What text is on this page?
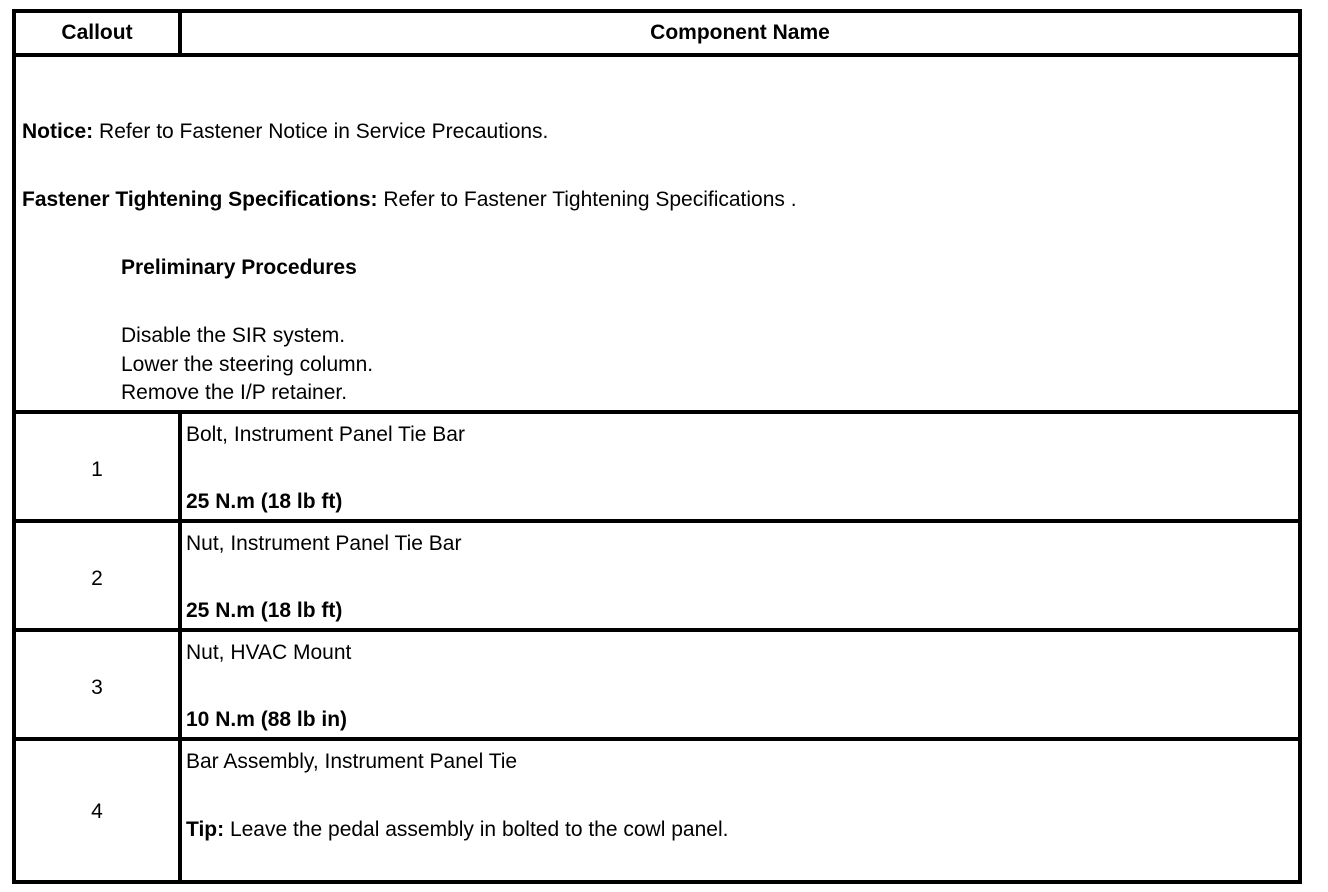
Callout	Component Name
Notice: Refer to Fastener Notice in Service Precautions.
Fastener Tightening Specifications: Refer to Fastener Tightening Specifications .
Preliminary Procedures
Disable the SIR system.
Lower the steering column.
Remove the I/P retainer.
1
Bolt, Instrument Panel Tie Bar
25 N.m (18 lb ft)
2
Nut, Instrument Panel Tie Bar
25 N.m (18 lb ft)
3
Nut, HVAC Mount
10 N.m (88 lb in)
4
Bar Assembly, Instrument Panel Tie
Tip: Leave the pedal assembly in bolted to the cowl panel.
